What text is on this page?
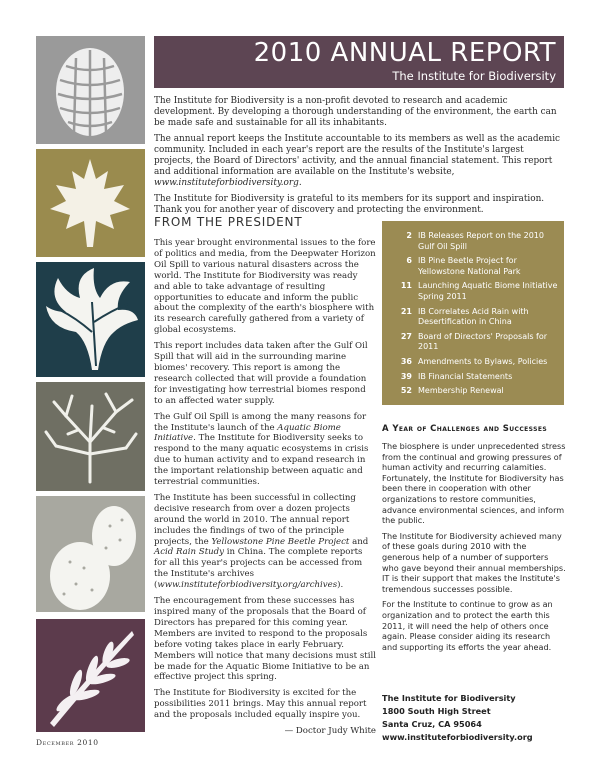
December 2010
2010 ANNUAL REPORT
The Institute for Biodiversity

The Institute for Biodiversity is a non-profit devoted to research and academic development. By developing a thorough understanding of the environment, the earth can be made safe and sustainable for all its inhabitants.

The annual report keeps the Institute accountable to its members as well as the academic community. Included in each year's report are the results of the Institute's largest projects, the Board of Directors' activity, and the annual financial statement. This report and additional information are available on the Institute's website, www.instituteforbiodiversity.org.

The Institute for Biodiversity is grateful to its members for its support and inspiration. Thank you for another year of discovery and protecting the environment.

FROM THE PRESIDENT

This year brought environmental issues to the fore of politics and media, from the Deepwater Horizon Oil Spill to various natural disasters across the world. The Institute for Biodiversity was ready and able to take advantage of resulting opportunities to educate and inform the public about the complexity of the earth's biosphere with its research carefully gathered from a variety of global ecosystems.

This report includes data taken after the Gulf Oil Spill that will aid in the surrounding marine biomes' recovery. This report is among the research collected that will provide a foundation for investigating how terrestrial biomes respond to an affected water supply.

The Gulf Oil Spill is among the many reasons for the Institute's launch of the Aquatic Biome Initiative. The Institute for Biodiversity seeks to respond to the many aquatic ecosystems in crisis due to human activity and to expand research in the important relationship between aquatic and terrestrial communities.

The Institute has been successful in collecting decisive research from over a dozen projects around the world in 2010. The annual report includes the findings of two of the principle projects, the Yellowstone Pine Beetle Project and Acid Rain Study in China. The complete reports for all this year's projects can be accessed from the Institute's archives (www.instituteforbiodiversity.org/archives).

The encouragement from these successes has inspired many of the proposals that the Board of Directors has prepared for this coming year. Members are invited to respond to the proposals before voting takes place in early February. Members will notice that many decisions must still be made for the Aquatic Biome Initiative to be an effective project this spring.

The Institute for Biodiversity is excited for the possibilities 2011 brings. May this annual report and the proposals included equally inspire you.

— Doctor Judy White
2 IB Releases Report on the 2010 Gulf Oil Spill
6 IB Pine Beetle Project for Yellowstone National Park
11 Launching Aquatic Biome Initiative Spring 2011
21 IB Correlates Acid Rain with Desertification in China
27 Board of Directors' Proposals for 2011
36 Amendments to Bylaws, Policies
39 IB Financial Statements
52 Membership Renewal
A Year of Challenges and Successes

The biosphere is under unprecedented stress from the continual and growing pressures of human activity and recurring calamities. Fortunately, the Institute for Biodiversity has been there in cooperation with other organizations to restore communities, advance environmental sciences, and inform the public.

The Institute for Biodiversity achieved many of these goals during 2010 with the generous help of a number of supporters who gave beyond their annual memberships. IT is their support that makes the Institute's tremendous successes possible.

For the Institute to continue to grow as an organization and to protect the earth this 2011, it will need the help of others once again. Please consider aiding its research and supporting its efforts the year ahead.

The Institute for Biodiversity
1800 South High Street
Santa Cruz, CA 95064
www.instituteforbiodiversity.org
